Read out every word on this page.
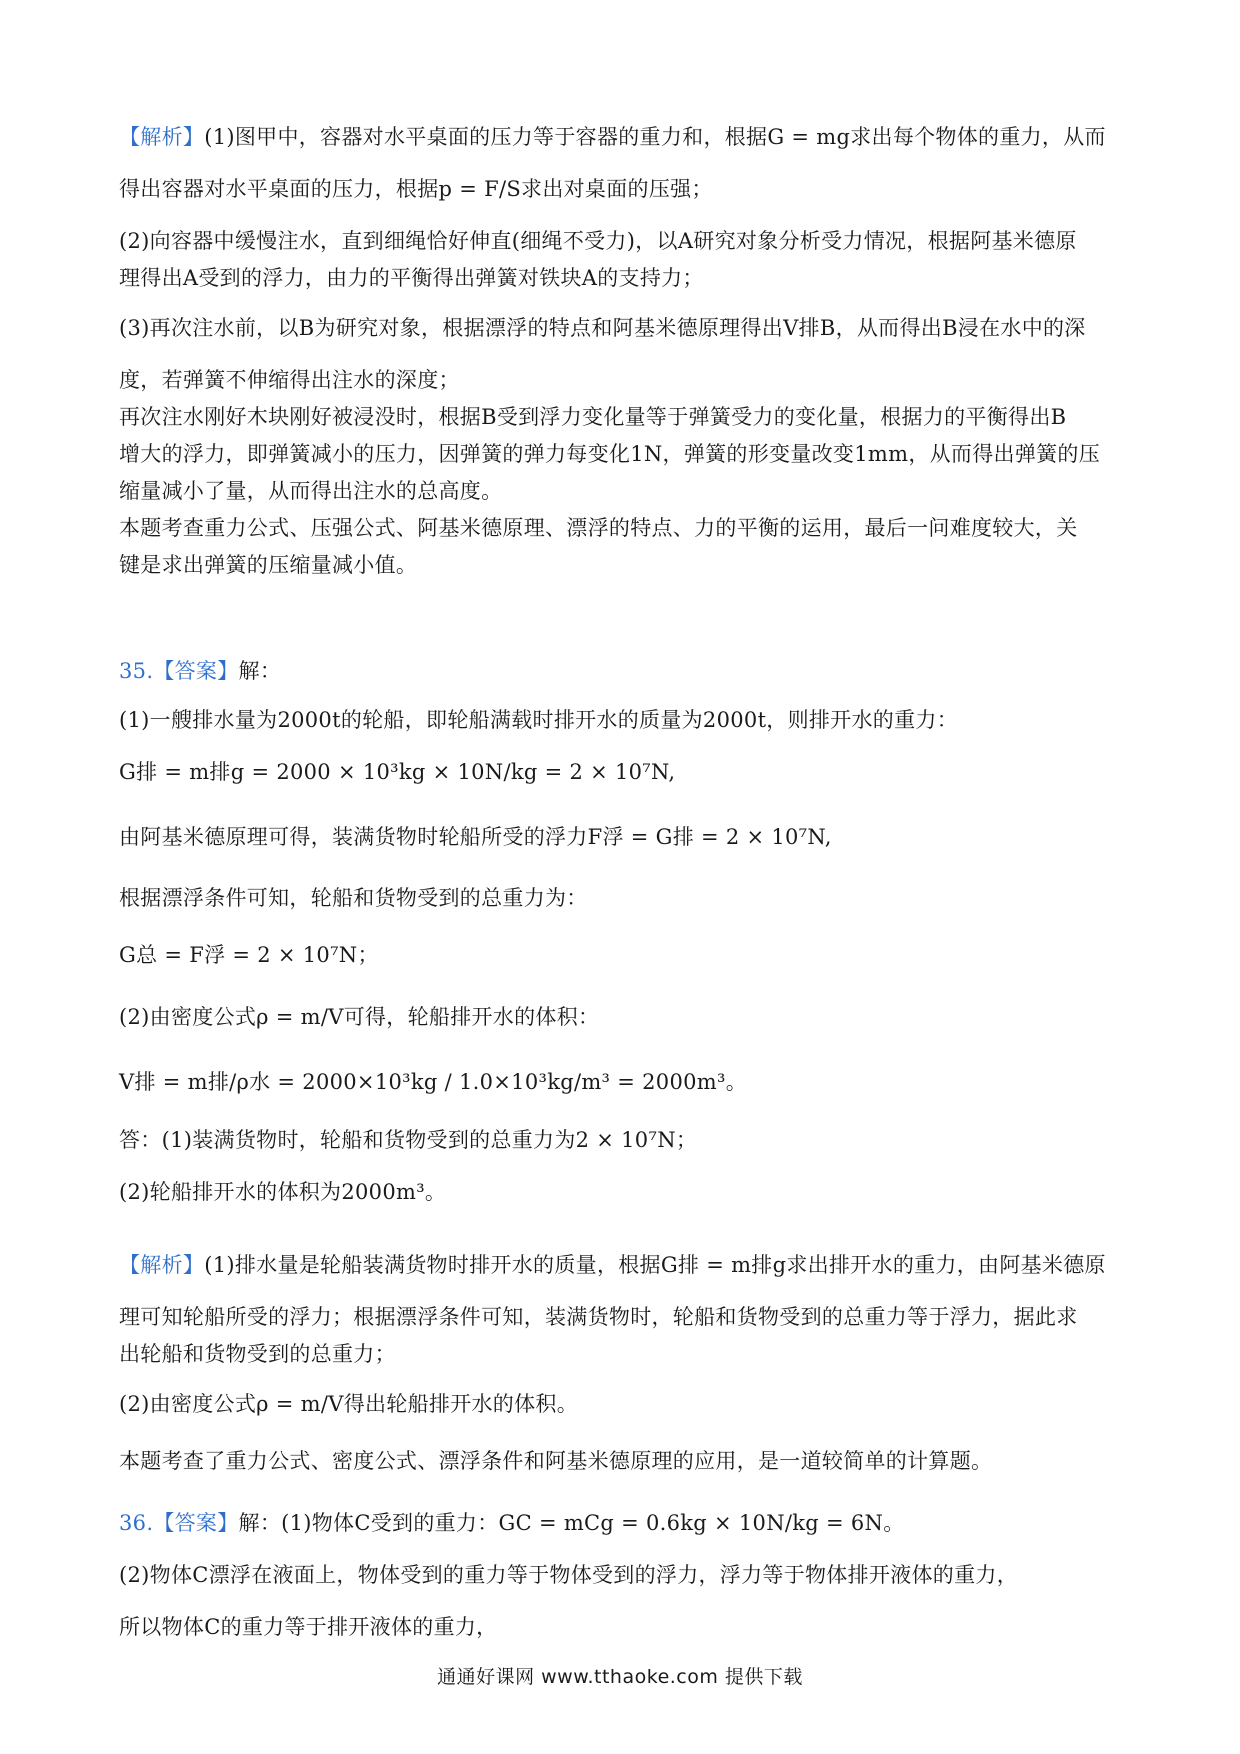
【解析】(1)图甲中，容器对水平桌面的压力等于容器的重力和，根据G = mg求出每个物体的重力，从而
得出容器对水平桌面的压力，根据p = F/S求出对桌面的压强；
(2)向容器中缓慢注水，直到细绳恰好伸直(细绳不受力)，以A研究对象分析受力情况，根据阿基米德原
理得出A受到的浮力，由力的平衡得出弹簧对铁块A的支持力；
(3)再次注水前，以B为研究对象，根据漂浮的特点和阿基米德原理得出V排B，从而得出B浸在水中的深
度，若弹簧不伸缩得出注水的深度；
再次注水刚好木块刚好被浸没时，根据B受到浮力变化量等于弹簧受力的变化量，根据力的平衡得出B
增大的浮力，即弹簧减小的压力，因弹簧的弹力每变化1N，弹簧的形变量改变1mm，从而得出弹簧的压
缩量减小了量，从而得出注水的总高度。
本题考查重力公式、压强公式、阿基米德原理、漂浮的特点、力的平衡的运用，最后一问难度较大，关
键是求出弹簧的压缩量减小值。
35.【答案】解：
(1)一艘排水量为2000t的轮船，即轮船满载时排开水的质量为2000t，则排开水的重力：
G排 = m排g = 2000 × 10³kg × 10N/kg = 2 × 10⁷N,
由阿基米德原理可得，装满货物时轮船所受的浮力F浮 = G排 = 2 × 10⁷N,
根据漂浮条件可知，轮船和货物受到的总重力为：
G总 = F浮 = 2 × 10⁷N；
(2)由密度公式ρ = m/V可得，轮船排开水的体积：
V排 = m排/ρ水 = 2000×10³kg / 1.0×10³kg/m³ = 2000m³。
答：(1)装满货物时，轮船和货物受到的总重力为2 × 10⁷N；
(2)轮船排开水的体积为2000m³。
【解析】(1)排水量是轮船装满货物时排开水的质量，根据G排 = m排g求出排开水的重力，由阿基米德原
理可知轮船所受的浮力；根据漂浮条件可知，装满货物时，轮船和货物受到的总重力等于浮力，据此求
出轮船和货物受到的总重力；
(2)由密度公式ρ = m/V得出轮船排开水的体积。
本题考查了重力公式、密度公式、漂浮条件和阿基米德原理的应用，是一道较简单的计算题。
36.【答案】解：(1)物体C受到的重力：GC = mCg = 0.6kg × 10N/kg = 6N。
(2)物体C漂浮在液面上，物体受到的重力等于物体受到的浮力，浮力等于物体排开液体的重力，
所以物体C的重力等于排开液体的重力，
通通好课网 www.tthaoke.com 提供下载
